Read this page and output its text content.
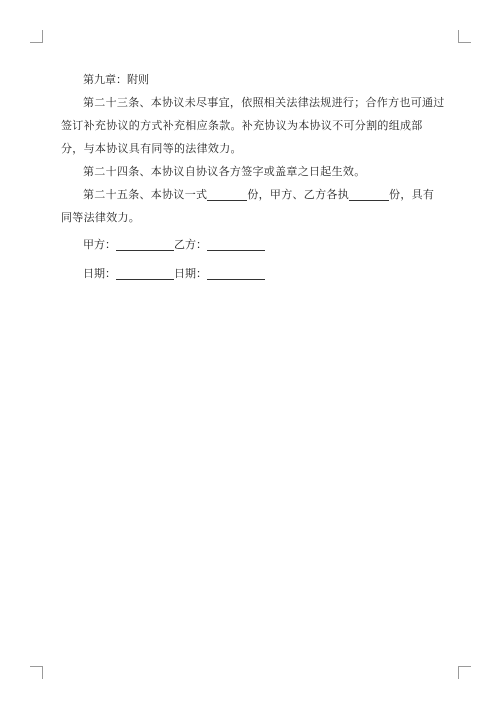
第九章：附则

第二十三条、本协议未尽事宜，依照相关法律法规进行；合作方也可通过签订补充协议的方式补充相应条款。补充协议为本协议不可分割的组成部分，与本协议具有同等的法律效力。

第二十四条、本协议自协议各方签字或盖章之日起生效。

第二十五条、本协议一式	份，甲方、乙方各执	份，具有同等法律效力。

甲方：	乙方：

日期：	日期：
